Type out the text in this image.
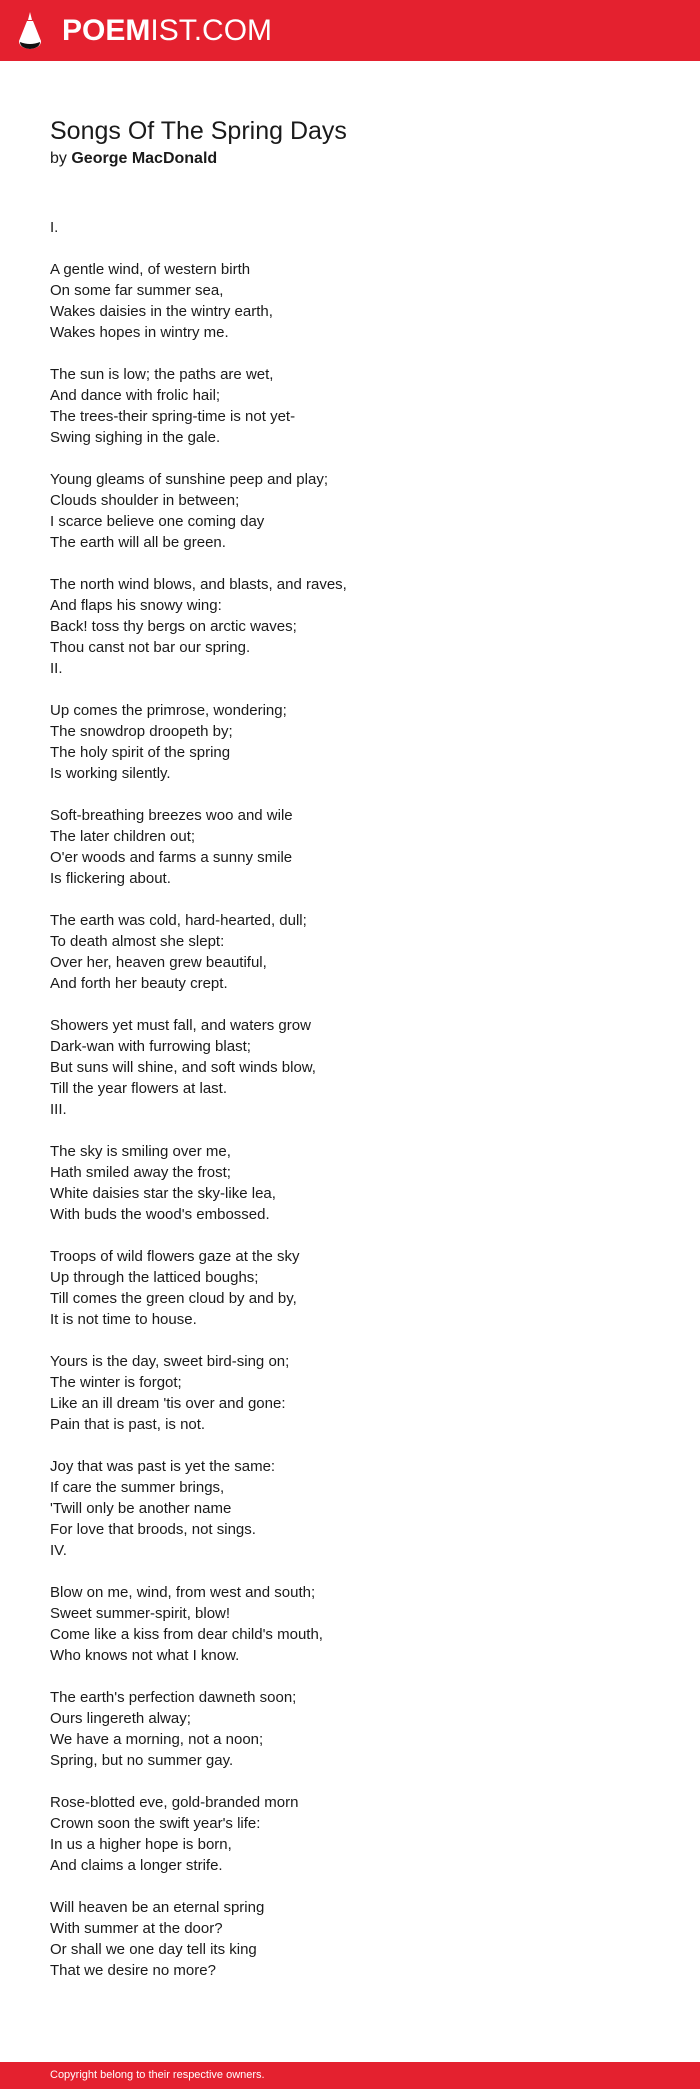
POEMIST.COM
Songs Of The Spring Days
by George MacDonald
I.
A gentle wind, of western birth
On some far summer sea,
Wakes daisies in the wintry earth,
Wakes hopes in wintry me.
The sun is low; the paths are wet,
And dance with frolic hail;
The trees-their spring-time is not yet-
Swing sighing in the gale.
Young gleams of sunshine peep and play;
Clouds shoulder in between;
I scarce believe one coming day
The earth will all be green.
The north wind blows, and blasts, and raves,
And flaps his snowy wing:
Back! toss thy bergs on arctic waves;
Thou canst not bar our spring.
II.
Up comes the primrose, wondering;
The snowdrop droopeth by;
The holy spirit of the spring
Is working silently.
Soft-breathing breezes woo and wile
The later children out;
O'er woods and farms a sunny smile
Is flickering about.
The earth was cold, hard-hearted, dull;
To death almost she slept:
Over her, heaven grew beautiful,
And forth her beauty crept.
Showers yet must fall, and waters grow
Dark-wan with furrowing blast;
But suns will shine, and soft winds blow,
Till the year flowers at last.
III.
The sky is smiling over me,
Hath smiled away the frost;
White daisies star the sky-like lea,
With buds the wood's embossed.
Troops of wild flowers gaze at the sky
Up through the latticed boughs;
Till comes the green cloud by and by,
It is not time to house.
Yours is the day, sweet bird-sing on;
The winter is forgot;
Like an ill dream 'tis over and gone:
Pain that is past, is not.
Joy that was past is yet the same:
If care the summer brings,
'Twill only be another name
For love that broods, not sings.
IV.
Blow on me, wind, from west and south;
Sweet summer-spirit, blow!
Come like a kiss from dear child's mouth,
Who knows not what I know.
The earth's perfection dawneth soon;
Ours lingereth alway;
We have a morning, not a noon;
Spring, but no summer gay.
Rose-blotted eve, gold-branded morn
Crown soon the swift year's life:
In us a higher hope is born,
And claims a longer strife.
Will heaven be an eternal spring
With summer at the door?
Or shall we one day tell its king
That we desire no more?
Copyright belong to their respective owners.
